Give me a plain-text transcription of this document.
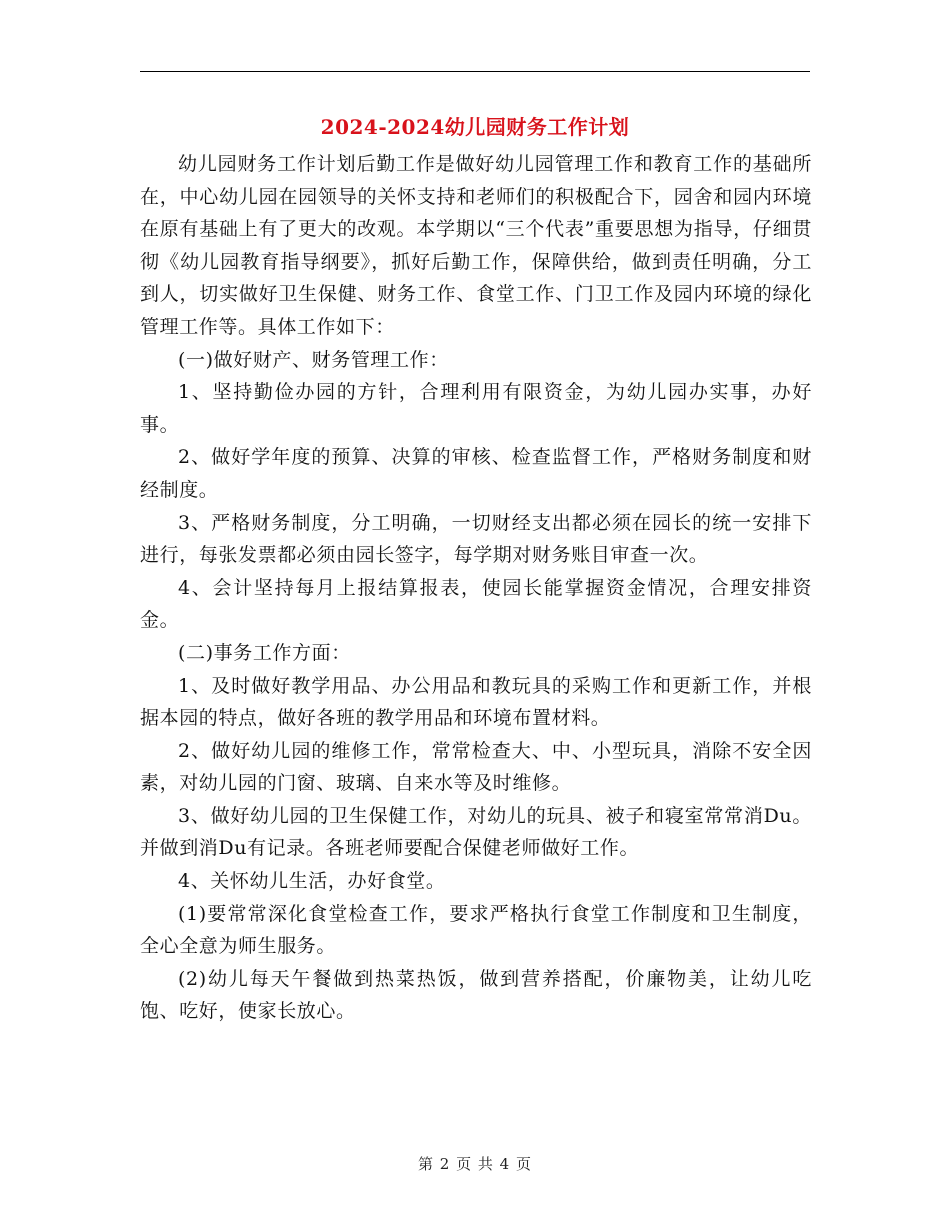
2024-2024幼儿园财务工作计划

幼儿园财务工作计划后勤工作是做好幼儿园管理工作和教育工作的基础所在，中心幼儿园在园领导的关怀支持和老师们的积极配合下，园舍和园内环境在原有基础上有了更大的改观。本学期以“三个代表”重要思想为指导，仔细贯彻《幼儿园教育指导纲要》，抓好后勤工作，保障供给，做到责任明确，分工到人，切实做好卫生保健、财务工作、食堂工作、门卫工作及园内环境的绿化管理工作等。具体工作如下：

(一)做好财产、财务管理工作：

1、坚持勤俭办园的方针，合理利用有限资金，为幼儿园办实事，办好事。

2、做好学年度的预算、决算的审核、检查监督工作，严格财务制度和财经制度。

3、严格财务制度，分工明确，一切财经支出都必须在园长的统一安排下进行，每张发票都必须由园长签字，每学期对财务账目审查一次。

4、会计坚持每月上报结算报表，使园长能掌握资金情况，合理安排资金。

(二)事务工作方面：

1、及时做好教学用品、办公用品和教玩具的采购工作和更新工作，并根据本园的特点，做好各班的教学用品和环境布置材料。

2、做好幼儿园的维修工作，常常检查大、中、小型玩具，消除不安全因素，对幼儿园的门窗、玻璃、自来水等及时维修。

3、做好幼儿园的卫生保健工作，对幼儿的玩具、被子和寝室常常消Du。并做到消Du有记录。各班老师要配合保健老师做好工作。

4、关怀幼儿生活，办好食堂。

(1)要常常深化食堂检查工作，要求严格执行食堂工作制度和卫生制度，全心全意为师生服务。

(2)幼儿每天午餐做到热菜热饭，做到营养搭配，价廉物美，让幼儿吃饱、吃好，使家长放心。

第 2 页 共 4 页
